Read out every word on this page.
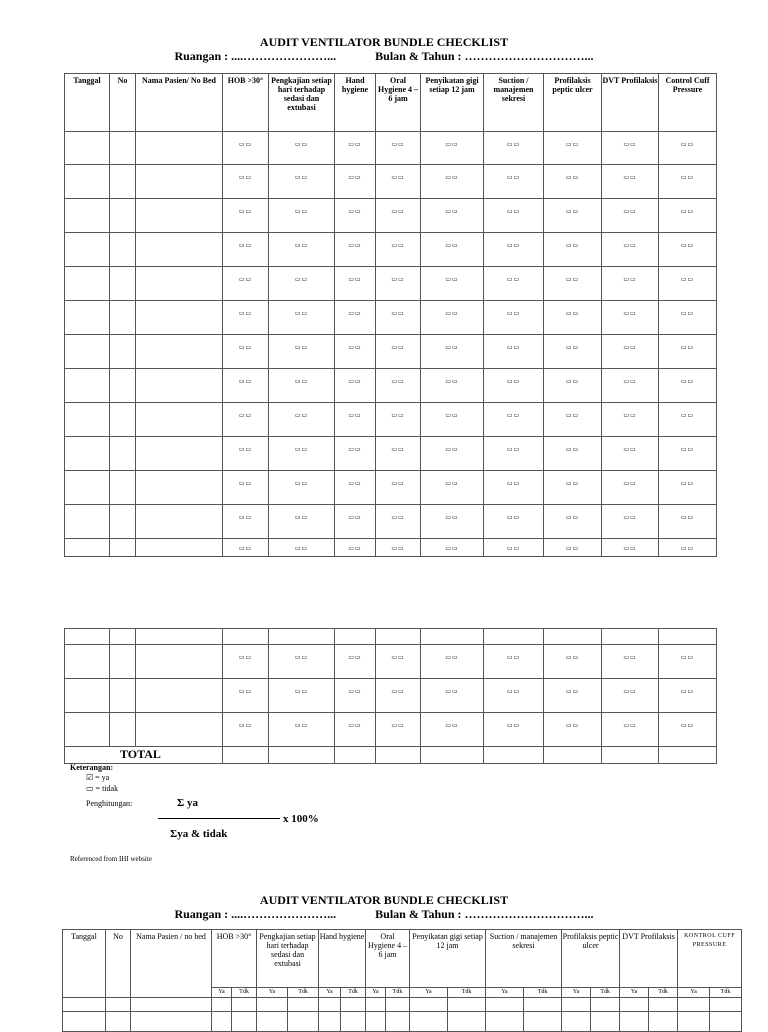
AUDIT VENTILATOR BUNDLE CHECKLIST
Ruangan : ....…………………...	Bulan & Tahun : …………………………...
Tanggal	No	Nama Pasien/ No Bed	HOB >30°	Pengkajian setiap hari terhadap sedasi dan extubasi	Hand hygiene	Oral Hygiene 4 – 6 jam	Penyikatan gigi setiap 12 jam	Suction / manajemen sekresi	Profilaksis peptic ulcer	DVT Profilaksis	Control Cuff Pressure
			▭▭	▭▭	▭▭	▭▭	▭▭	▭▭	▭▭	▭▭	▭▭
			▭▭	▭▭	▭▭	▭▭	▭▭	▭▭	▭▭	▭▭	▭▭
			▭▭	▭▭	▭▭	▭▭	▭▭	▭▭	▭▭	▭▭	▭▭
			▭▭	▭▭	▭▭	▭▭	▭▭	▭▭	▭▭	▭▭	▭▭
			▭▭	▭▭	▭▭	▭▭	▭▭	▭▭	▭▭	▭▭	▭▭
			▭▭	▭▭	▭▭	▭▭	▭▭	▭▭	▭▭	▭▭	▭▭
			▭▭	▭▭	▭▭	▭▭	▭▭	▭▭	▭▭	▭▭	▭▭
			▭▭	▭▭	▭▭	▭▭	▭▭	▭▭	▭▭	▭▭	▭▭
			▭▭	▭▭	▭▭	▭▭	▭▭	▭▭	▭▭	▭▭	▭▭
			▭▭	▭▭	▭▭	▭▭	▭▭	▭▭	▭▭	▭▭	▭▭
			▭▭	▭▭	▭▭	▭▭	▭▭	▭▭	▭▭	▭▭	▭▭
			▭▭	▭▭	▭▭	▭▭	▭▭	▭▭	▭▭	▭▭	▭▭
			▭▭	▭▭	▭▭	▭▭	▭▭	▭▭	▭▭	▭▭	▭▭

			▭▭	▭▭	▭▭	▭▭	▭▭	▭▭	▭▭	▭▭	▭▭
			▭▭	▭▭	▭▭	▭▭	▭▭	▭▭	▭▭	▭▭	▭▭
			▭▭	▭▭	▭▭	▭▭	▭▭	▭▭	▭▭	▭▭	▭▭

TOTAL
Keterangan:
☑ = ya
▭ = tidak
Penghitungan:	Σ ya
x 100%
Σya & tidak
Referenced from IHI website
AUDIT VENTILATOR BUNDLE CHECKLIST
Ruangan : ....…………………...	Bulan & Tahun : …………………………...
Tanggal	No	Nama Pasien / no bed	HOB >30°		Pengkajian setiap hari terhadap sedasi dan extubasi		Hand hygiene		Oral Hygiene 4 – 6 jam		Penyikatan gigi setiap 12 jam		Suction / manajemen sekresi		Profilaksis peptic ulcer		DVT Profilaksis		KONTROL CUFF PRESSURE	
			Ya	Tdk	Ya	Tdk	Ya	Tdk	Ya	Tdk	Ya	Tdk	Ya	Tdk	Ya	Tdk	Ya	Tdk	Ya	Tdk
